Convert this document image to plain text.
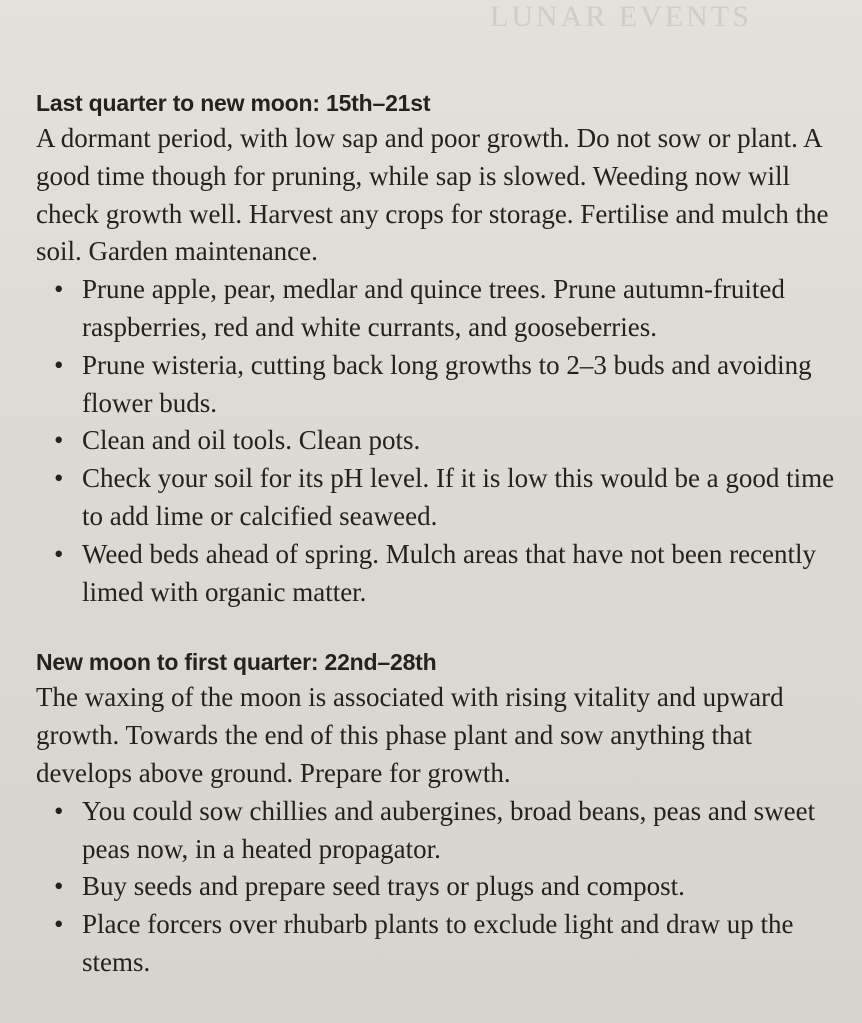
LUNAR EVENTS
Last quarter to new moon: 15th–21st

A dormant period, with low sap and poor growth. Do not sow or plant. A good time though for pruning, while sap is slowed. Weeding now will check growth well. Harvest any crops for storage. Fertilise and mulch the soil. Garden maintenance.

• Prune apple, pear, medlar and quince trees. Prune autumn-fruited raspberries, red and white currants, and gooseberries.
• Prune wisteria, cutting back long growths to 2–3 buds and avoiding flower buds.
• Clean and oil tools. Clean pots.
• Check your soil for its pH level. If it is low this would be a good time to add lime or calcified seaweed.
• Weed beds ahead of spring. Mulch areas that have not been recently limed with organic matter.
New moon to first quarter: 22nd–28th

The waxing of the moon is associated with rising vitality and upward growth. Towards the end of this phase plant and sow anything that develops above ground. Prepare for growth.

• You could sow chillies and aubergines, broad beans, peas and sweet peas now, in a heated propagator.
• Buy seeds and prepare seed trays or plugs and compost.
• Place forcers over rhubarb plants to exclude light and draw up the stems.
